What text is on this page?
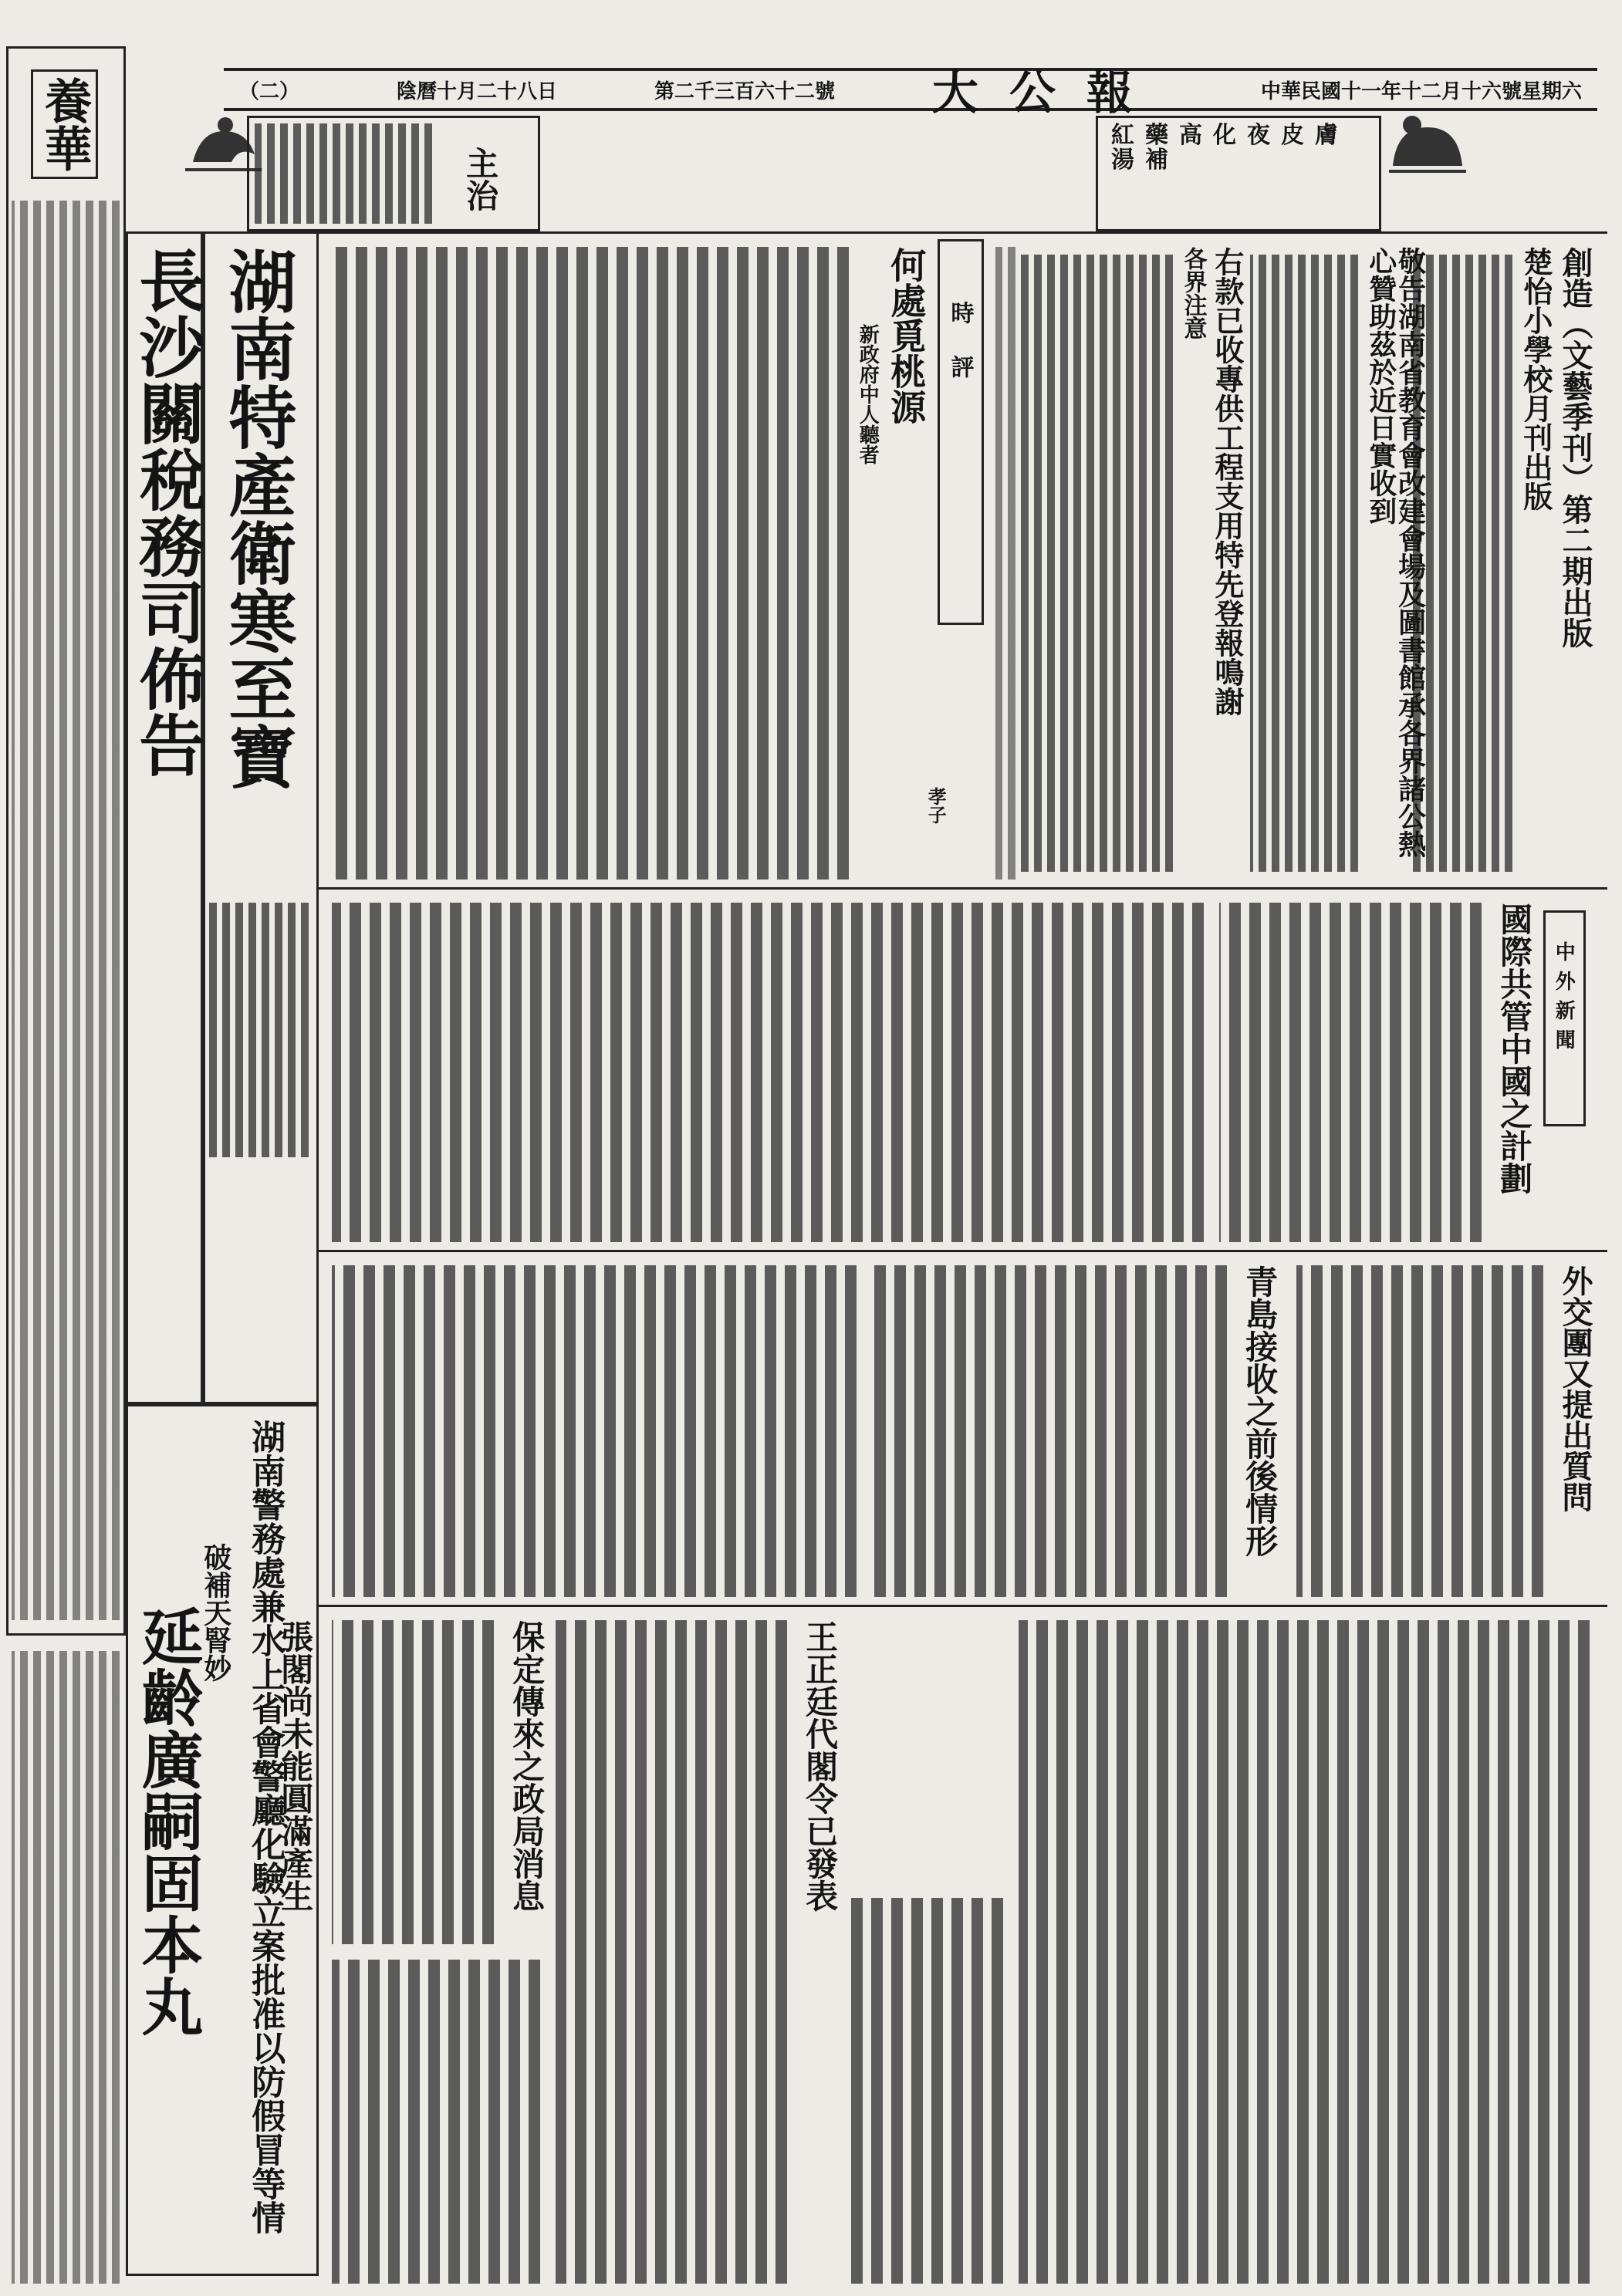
（二）	陰曆十月二十八日	第二千三百六十二號 大公報	中華民國十一年十二月十六號星期六
主治
紅藥高化夜皮膚湯補
養華
長沙關稅務司佈告 湖南特產衛寒至寶
湖南警務處兼水上省會警廳化驗立案批准以防假冒等情
破補天腎妙
延齡廣嗣固本丸
創造（文藝季刊）第二期出版
楚怡小學校月刊出版
敬告湖南省教育會改建會場及圖書館承各界諸公熱心贊助茲於近日實收到
右款已收專供工程支用特先登報鳴謝
各界注意
時評
何處覓桃源
新政府中人聽者
孝子
中外新聞
國際共管中國之計劃
外交團又提出質問
青島接收之前後情形
王正廷代閣令已發表
保定傳來之政局消息
張閣尚未能圓滿產生
